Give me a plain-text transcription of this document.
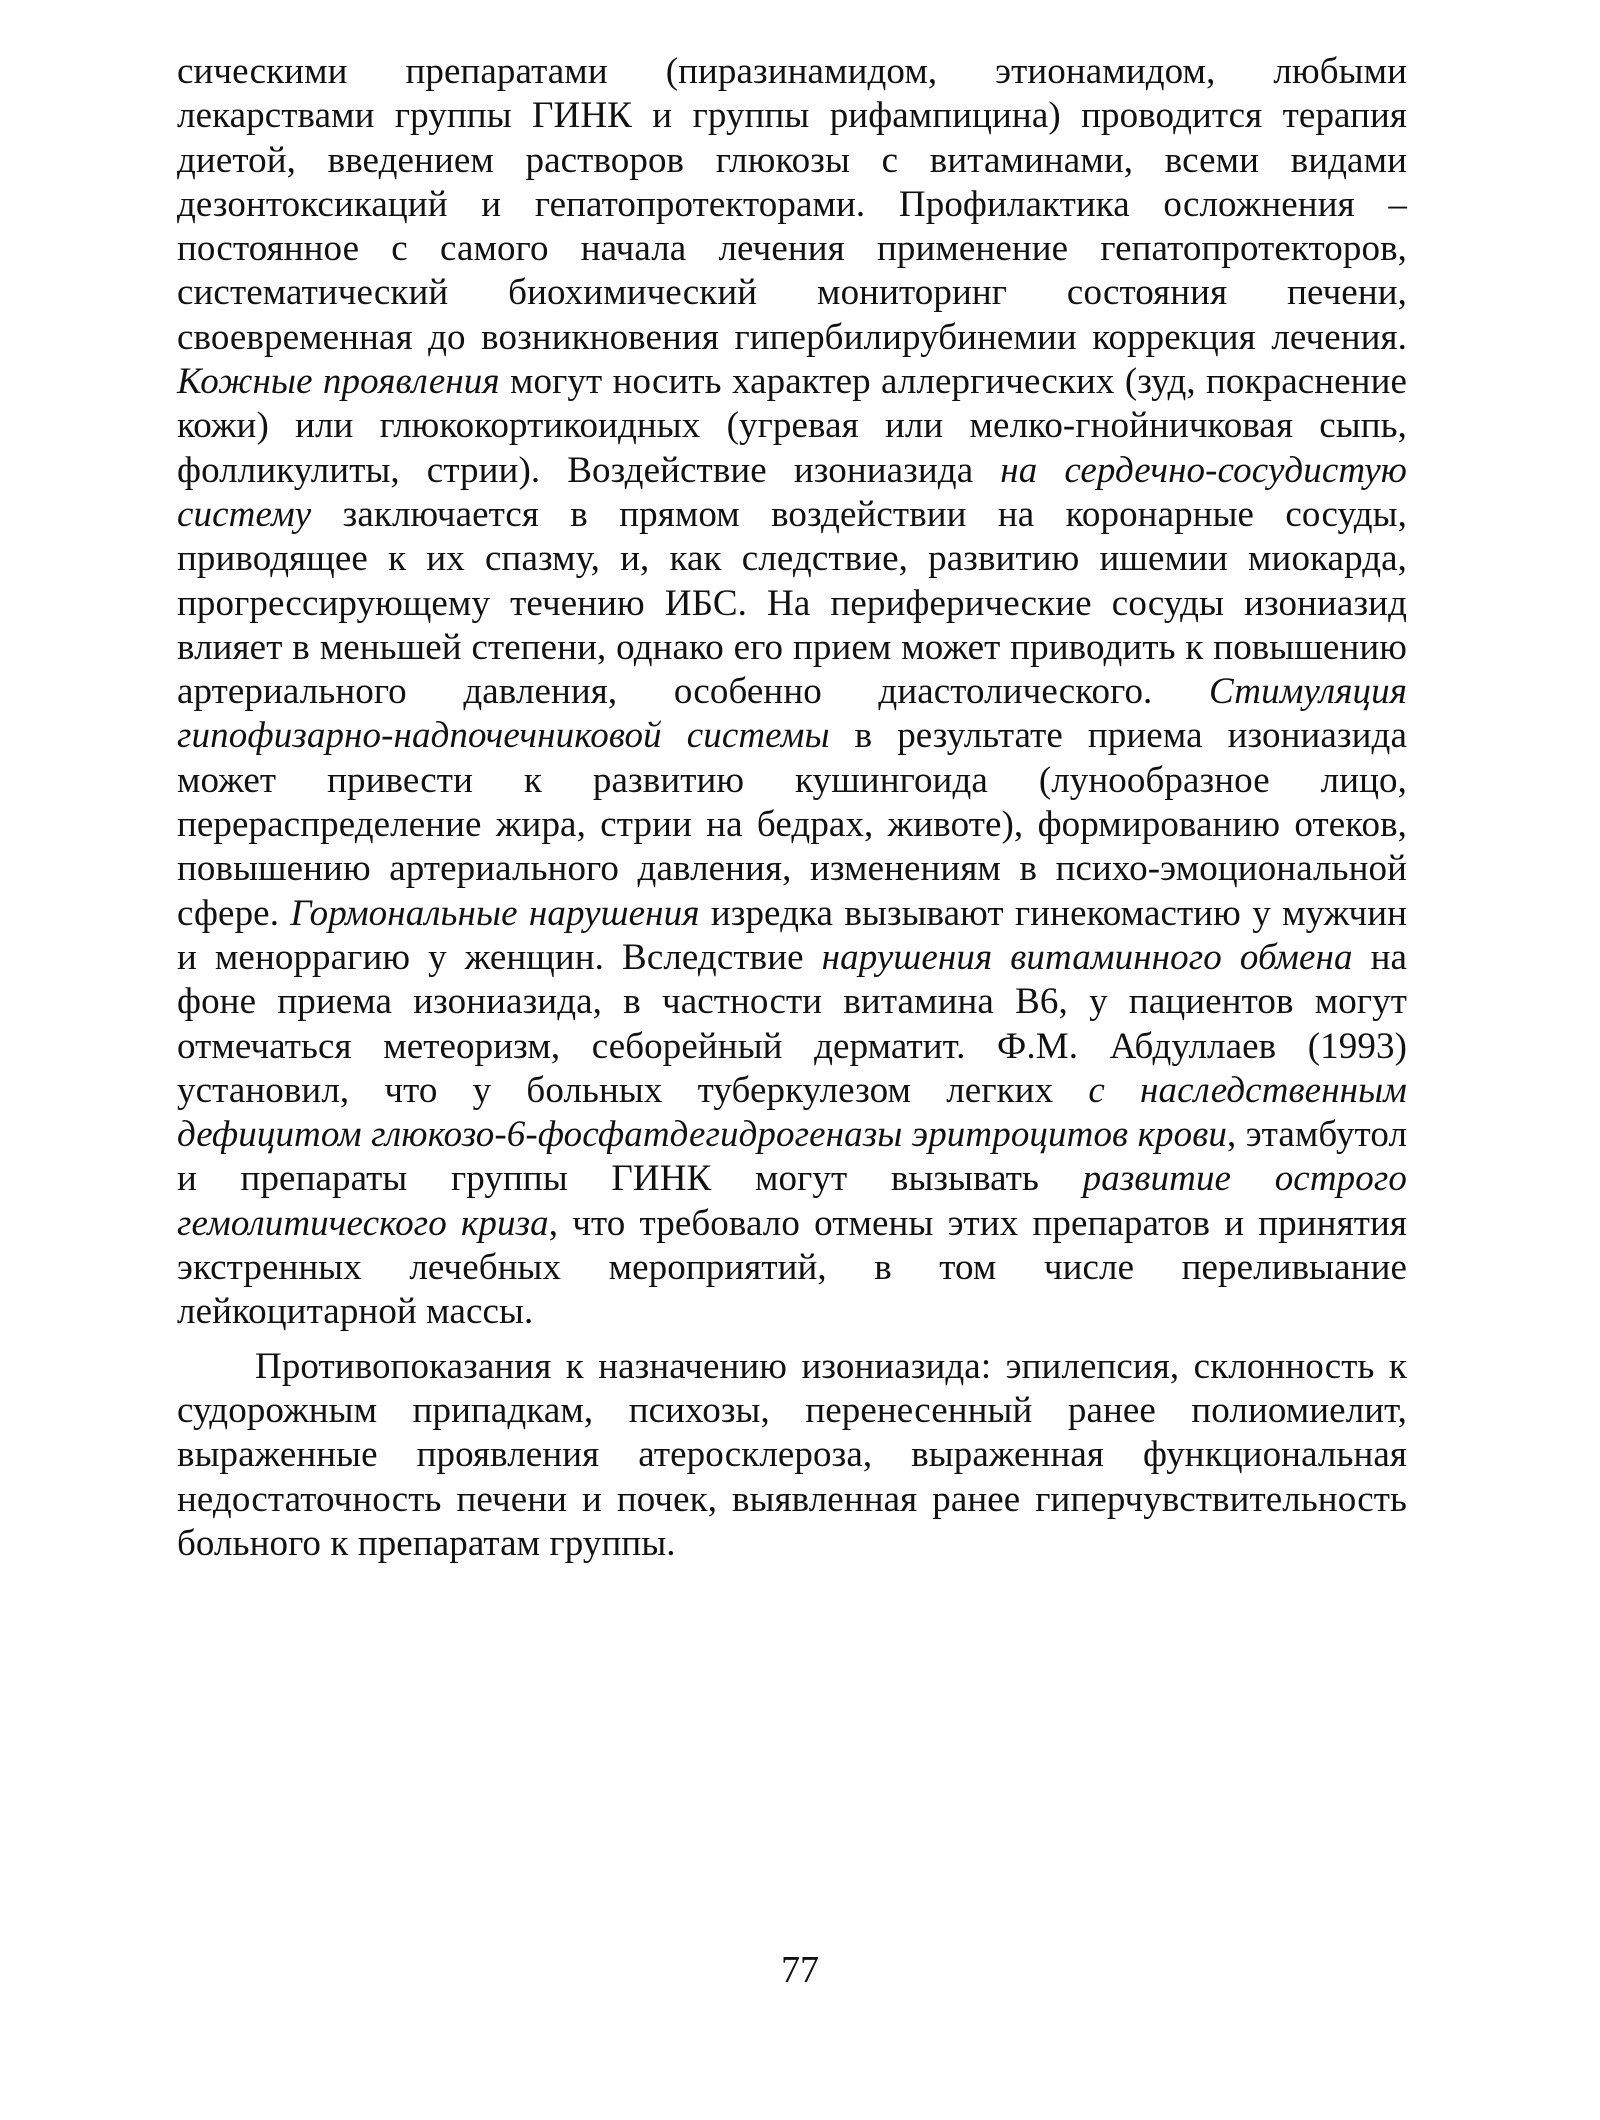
сическими препаратами (пиразинамидом, этионамидом, любыми лекарствами группы ГИНК и группы рифампицина) проводится терапия диетой, введением растворов глюкозы с витаминами, всеми видами дезонтоксикаций и гепатопротекторами. Профилактика осложнения – постоянное с самого начала лечения применение гепатопротекторов, систематический биохимический мониторинг состояния печени, своевременная до возникновения гипербилирубинемии коррекция лечения. Кожные проявления могут носить характер аллергических (зуд, покраснение кожи) или глюкокортикоидных (угревая или мелко-гнойничковая сыпь, фолликулиты, стрии). Воздействие изониазида на сердечно-сосудистую систему заключается в прямом воздействии на коронарные сосуды, приводящее к их спазму, и, как следствие, развитию ишемии миокарда, прогрессирующему течению ИБС. На периферические сосуды изониазид влияет в меньшей степени, однако его прием может приводить к повышению артериального давления, особенно диастолического. Стимуляция гипофизарно-надпочечниковой системы в результате приема изониазида может привести к развитию кушингоида (лунообразное лицо, перераспределение жира, стрии на бедрах, животе), формированию отеков, повышению артериального давления, изменениям в психо-эмоциональной сфере. Гормональные нарушения изредка вызывают гинекомастию у мужчин и меноррагию у женщин. Вследствие нарушения витаминного обмена на фоне приема изониазида, в частности витамина В6, у пациентов могут отмечаться метеоризм, себорейный дерматит. Ф.М. Абдуллаев (1993) установил, что у больных туберкулезом легких с наследственным дефицитом глюкозо-6-фосфатдегидрогеназы эритроцитов крови, этамбутол и препараты группы ГИНК могут вызывать развитие острого гемолитического криза, что требовало отмены этих препаратов и принятия экстренных лечебных мероприятий, в том числе переливыание лейкоцитарной массы.

Противопоказания к назначению изониазида: эпилепсия, склонность к судорожным припадкам, психозы, перенесенный ранее полиомиелит, выраженные проявления атеросклероза, выраженная функциональная недостаточность печени и почек, выявленная ранее гиперчувствительность больного к препаратам группы.

77
